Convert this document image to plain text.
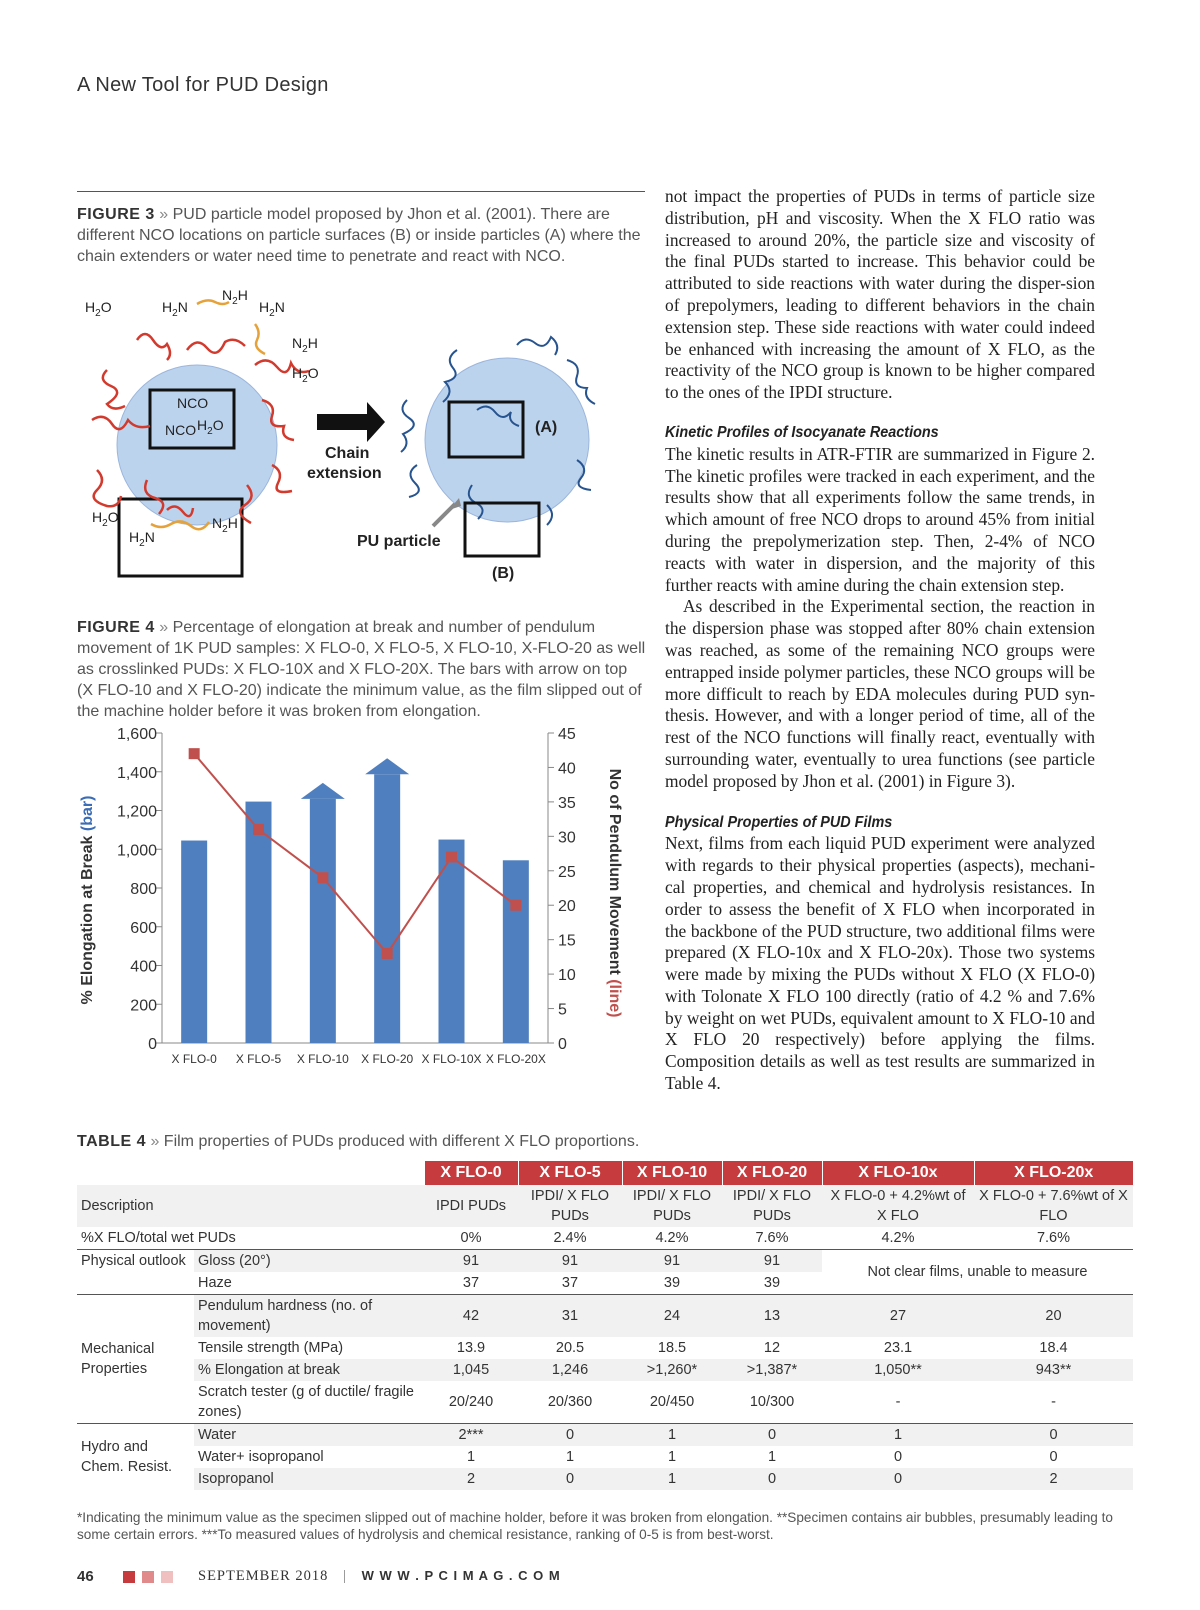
A New Tool for PUD Design
FIGURE 3 » PUD particle model proposed by Jhon et al. (2001). There are different NCO locations on particle surfaces (B) or inside particles (A) where the chain extenders or water need time to penetrate and react with NCO.
$H_2O$	$H_2N$
$N_2H$
$H_2N$
$N_2H$
$H_2O$
NCO
NCO $H_2O$
$H_2O$
$H_2N$
$N_2H$
Chain
extension
(A)
(B)
PU particle
FIGURE 4 » Percentage of elongation at break and number of pendulum movement of 1K PUD samples: X FLO-0, X FLO-5, X FLO-10, X-FLO-20 as well as crosslinked PUDs: X FLO-10X and X FLO-20X. The bars with arrow on top (X FLO-10 and X FLO-20) indicate the minimum value, as the film slipped out of the machine holder before it was broken from elongation.
0
200
400
600
800
1,000
1,200
1,400
1,600
0
5
10
15
20
25
30
35
40
45
X FLO-0 X FLO-5 X FLO-10 X FLO-20 X FLO-10X X FLO-20X
% Elongation at Break (bar)	No of Pendulum Movement (line)

not impact the properties of PUDs in terms of particle size distribution, pH and viscosity. When the X FLO ratio was increased to around 20%, the particle size and viscosity of the final PUDs started to increase. This behavior could be attributed to side reactions with water during the disper-sion of prepolymers, leading to different behaviors in the chain extension step. These side reactions with water could indeed be enhanced with increasing the amount of X FLO, as the reactivity of the NCO group is known to be higher compared to the ones of the IPDI structure.

Kinetic Profiles of Isocyanate Reactions

The kinetic results in ATR-FTIR are summarized in Figure 2. The kinetic profiles were tracked in each experiment, and the results show that all experiments follow the same trends, in which amount of free NCO drops to around 45% from initial during the prepolymerization step. Then, 2-4% of NCO reacts with water in dispersion, and the majority of this further reacts with amine during the chain extension step.

As described in the Experimental section, the reaction in the dispersion phase was stopped after 80% chain extension was reached, as some of the remaining NCO groups were entrapped inside polymer particles, these NCO groups will be more difficult to reach by EDA molecules during PUD syn-thesis. However, and with a longer period of time, all of the rest of the NCO functions will finally react, eventually with surrounding water, eventually to urea functions (see particle model proposed by Jhon et al. (2001) in Figure 3).

Physical Properties of PUD Films

Next, films from each liquid PUD experiment were analyzed with regards to their physical properties (aspects), mechani-cal properties, and chemical and hydrolysis resistances. In order to assess the benefit of X FLO when incorporated in the backbone of the PUD structure, two additional films were prepared (X FLO-10x and X FLO-20x). Those two systems were made by mixing the PUDs without X FLO (X FLO-0) with Tolonate X FLO 100 directly (ratio of 4.2 % and 7.6% by weight on wet PUDs, equivalent amount to X FLO-10 and X FLO 20 respectively) before applying the films. Composition details as well as test results are summarized in Table 4.

TABLE 4 » Film properties of PUDs produced with different X FLO proportions.
		X FLO-0	X FLO-5	X FLO-10	X FLO-20	X FLO-10x	X FLO-20x
Description		IPDI PUDs	IPDI/ X FLO PUDs	IPDI/ X FLO PUDs	IPDI/ X FLO PUDs	X FLO-0 + 4.2%wt of X FLO	X FLO-0 + 7.6%wt of X FLO
%X FLO/total wet PUDs		0%	2.4%	4.2%	7.6%	4.2%	7.6%
Physical outlook	Gloss (20°)	91	91	91	91	Not clear films, unable to measure	
	Haze	37	37	39	39		
Mechanical Properties	Pendulum hardness (no. of movement)	42	31	24	13	27	20
	Tensile strength (MPa)	13.9	20.5	18.5	12	23.1	18.4
	% Elongation at break	1,045	1,246	>1,260*	>1,387*	1,050**	943**
	Scratch tester (g of ductile/ fragile zones)	20/240	20/360	20/450	10/300	-	-
Hydro and Chem. Resist.	Water	2***	0	1	0	1	0
	Water+ isopropanol	1	1	1	1	0	0
	Isopropanol	2	0	1	0	0	2
*Indicating the minimum value as the specimen slipped out of machine holder, before it was broken from elongation. **Specimen contains air bubbles, presumably leading to some certain errors. ***To measured values of hydrolysis and chemical resistance, ranking of 0-5 is from best-worst.
46	SEPTEMBER 2018 | W W W . P C I M A G . C O M
